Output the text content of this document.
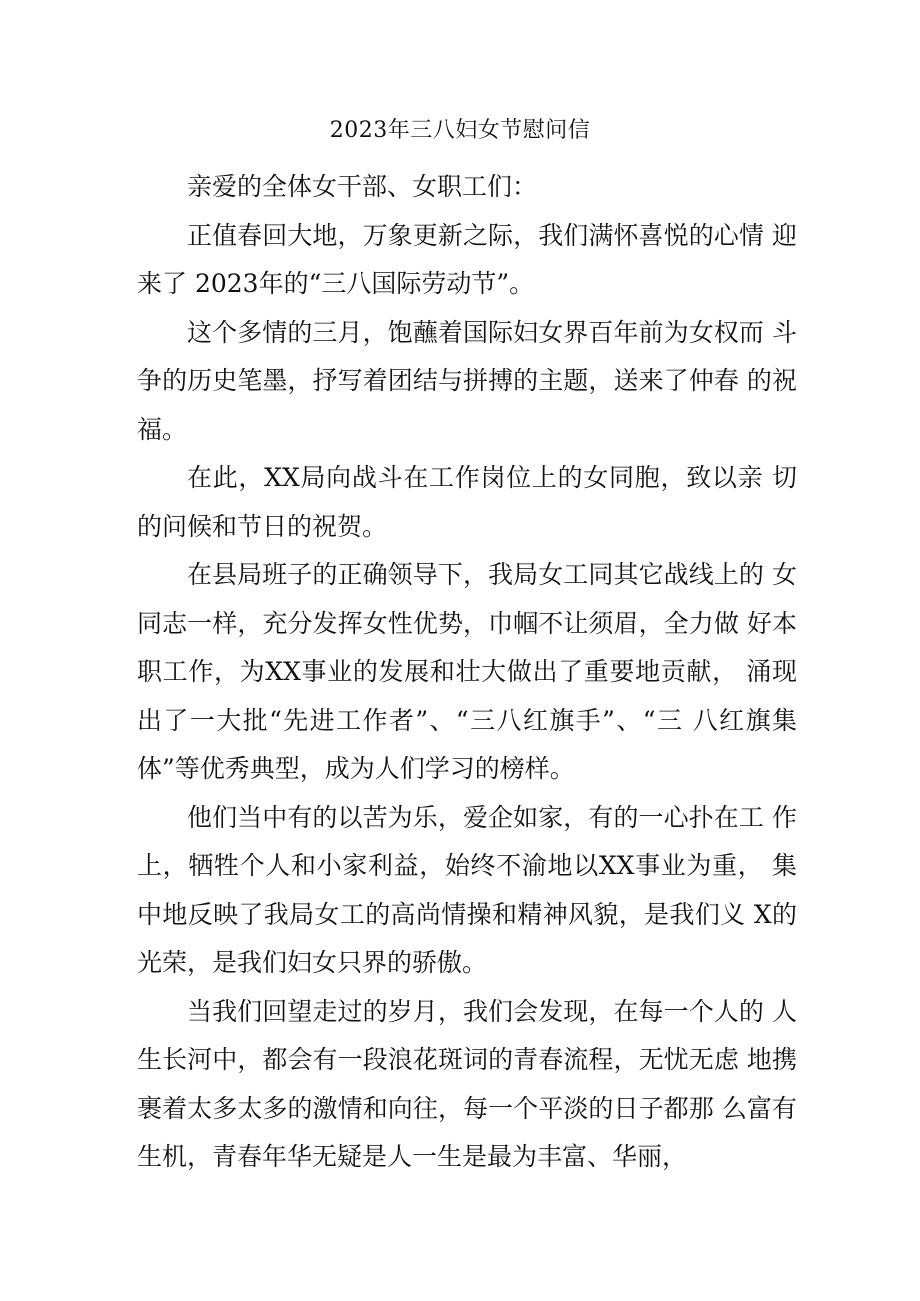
2023年三八妇女节慰问信

亲爱的全体女干部、女职工们：

正值春回大地，万象更新之际，我们满怀喜悦的心情 迎来了 2023年的“三八国际劳动节”。

这个多情的三月，饱蘸着国际妇女界百年前为女权而 斗争的历史笔墨，抒写着团结与拼搏的主题，送来了仲春 的祝福。

在此，XX局向战斗在工作岗位上的女同胞，致以亲 切的问候和节日的祝贺。

在县局班子的正确领导下，我局女工同其它战线上的 女同志一样，充分发挥女性优势，巾帼不让须眉，全力做 好本职工作，为XX事业的发展和壮大做出了重要地贡献， 涌现出了一大批“先进工作者”、“三八红旗手”、“三 八红旗集体”等优秀典型，成为人们学习的榜样。

他们当中有的以苦为乐，爱企如家，有的一心扑在工 作上，牺牲个人和小家利益，始终不渝地以XX事业为重， 集中地反映了我局女工的高尚情操和精神风貌，是我们义 X的光荣，是我们妇女只界的骄傲。

当我们回望走过的岁月，我们会发现，在每一个人的 人生长河中，都会有一段浪花斑词的青春流程，无忧无虑 地携裹着太多太多的激情和向往，每一个平淡的日子都那 么富有生机，青春年华无疑是人一生是最为丰富、华丽，
